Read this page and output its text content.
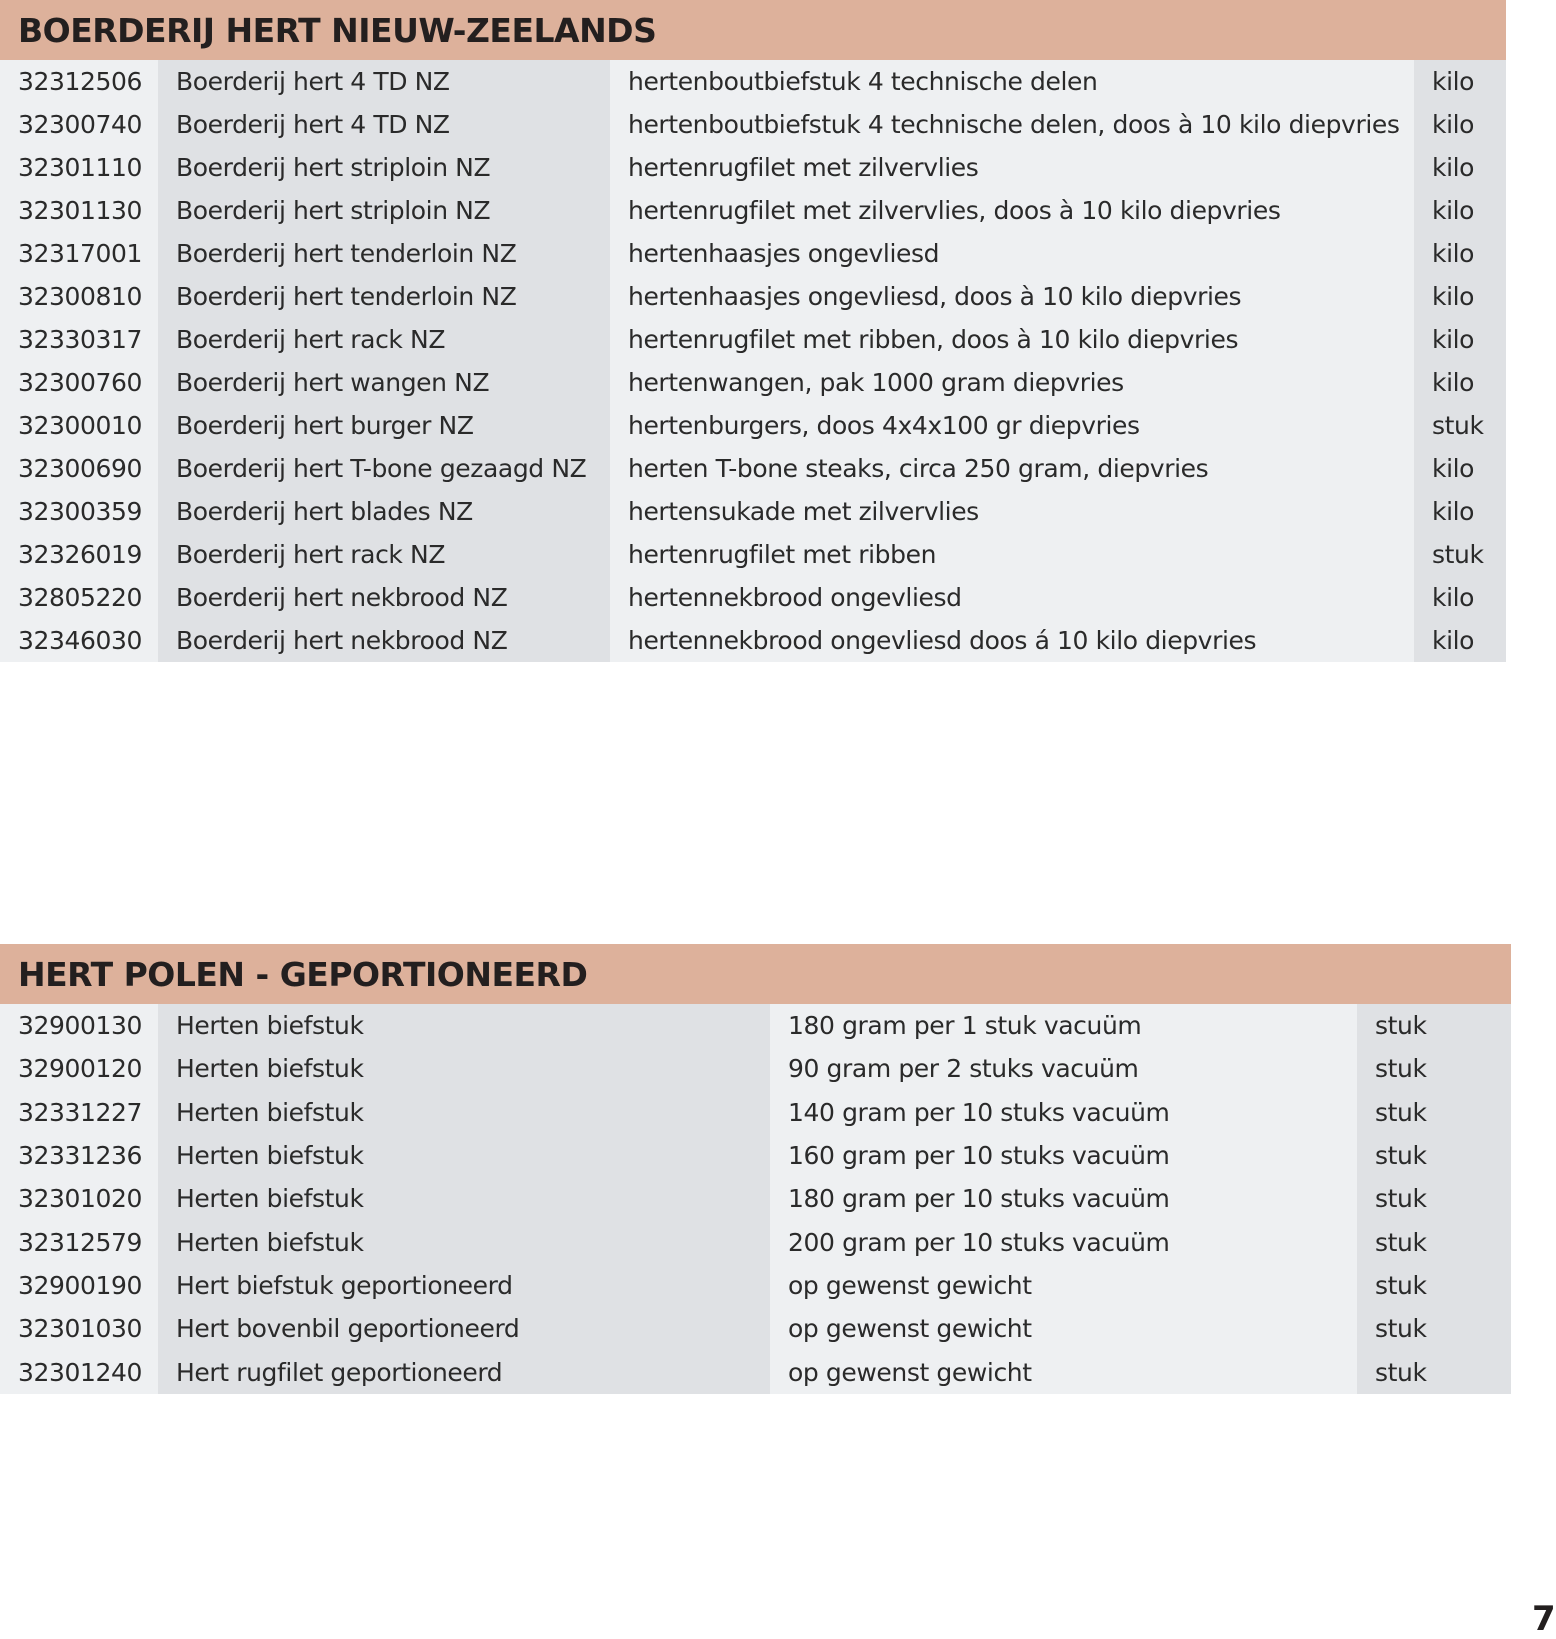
BOERDERIJ HERT NIEUW-ZEELANDS
32312506	Boerderij hert 4 TD NZ	hertenboutbiefstuk 4 technische delen	kilo
32300740	Boerderij hert 4 TD NZ	hertenboutbiefstuk 4 technische delen, doos à 10 kilo diepvries	kilo
32301110	Boerderij hert striploin NZ	hertenrugfilet met zilvervlies	kilo
32301130	Boerderij hert striploin NZ	hertenrugfilet met zilvervlies, doos à 10 kilo diepvries	kilo
32317001	Boerderij hert tenderloin NZ	hertenhaasjes ongevliesd	kilo
32300810	Boerderij hert tenderloin NZ	hertenhaasjes ongevliesd, doos à 10 kilo diepvries	kilo
32330317	Boerderij hert rack NZ	hertenrugfilet met ribben, doos à 10 kilo diepvries	kilo
32300760	Boerderij hert wangen NZ	hertenwangen, pak 1000 gram diepvries	kilo
32300010	Boerderij hert burger NZ	hertenburgers, doos 4x4x100 gr diepvries	stuk
32300690	Boerderij hert T-bone gezaagd NZ	herten T-bone steaks, circa 250 gram, diepvries	kilo
32300359	Boerderij hert blades NZ	hertensukade met zilvervlies	kilo
32326019	Boerderij hert rack NZ	hertenrugfilet met ribben	stuk
32805220	Boerderij hert nekbrood NZ	hertennekbrood ongevliesd	kilo
32346030	Boerderij hert nekbrood NZ	hertennekbrood ongevliesd doos á 10 kilo diepvries	kilo
HERT POLEN - GEPORTIONEERD
32900130	Herten biefstuk	180 gram per 1 stuk vacuüm	stuk
32900120	Herten biefstuk	90 gram per 2 stuks vacuüm	stuk
32331227	Herten biefstuk	140 gram per 10 stuks vacuüm	stuk
32331236	Herten biefstuk	160 gram per 10 stuks vacuüm	stuk
32301020	Herten biefstuk	180 gram per 10 stuks vacuüm	stuk
32312579	Herten biefstuk	200 gram per 10 stuks vacuüm	stuk
32900190	Hert biefstuk geportioneerd	op gewenst gewicht	stuk
32301030	Hert bovenbil geportioneerd	op gewenst gewicht	stuk
32301240	Hert rugfilet geportioneerd	op gewenst gewicht	stuk
7
